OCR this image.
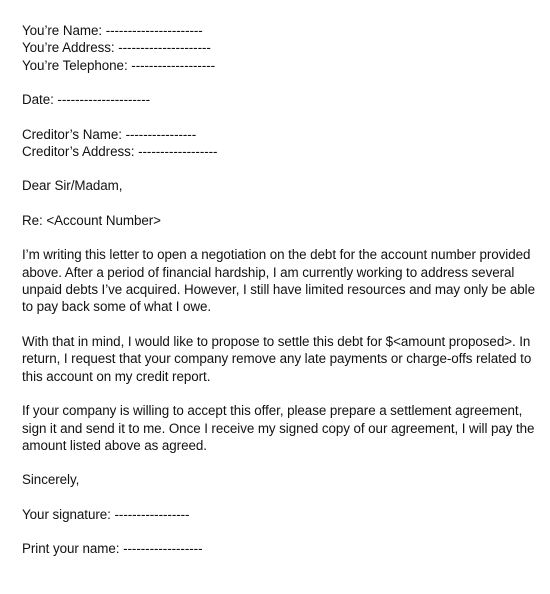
You’re Name: ----------------------
You’re Address: ---------------------
You’re Telephone: -------------------
Date: ---------------------
Creditor’s Name: ----------------
Creditor’s Address: ------------------
Dear Sir/Madam,
Re: <Account Number>
I’m writing this letter to open a negotiation on the debt for the account number provided above. After a period of financial hardship, I am currently working to address several unpaid debts I’ve acquired. However, I still have limited resources and may only be able to pay back some of what I owe.
With that in mind, I would like to propose to settle this debt for $<amount proposed>. In return, I request that your company remove any late payments or charge-offs related to this account on my credit report.
If your company is willing to accept this offer, please prepare a settlement agreement, sign it and send it to me. Once I receive my signed copy of our agreement, I will pay the amount listed above as agreed.
Sincerely,
Your signature: -----------------
Print your name: ------------------
